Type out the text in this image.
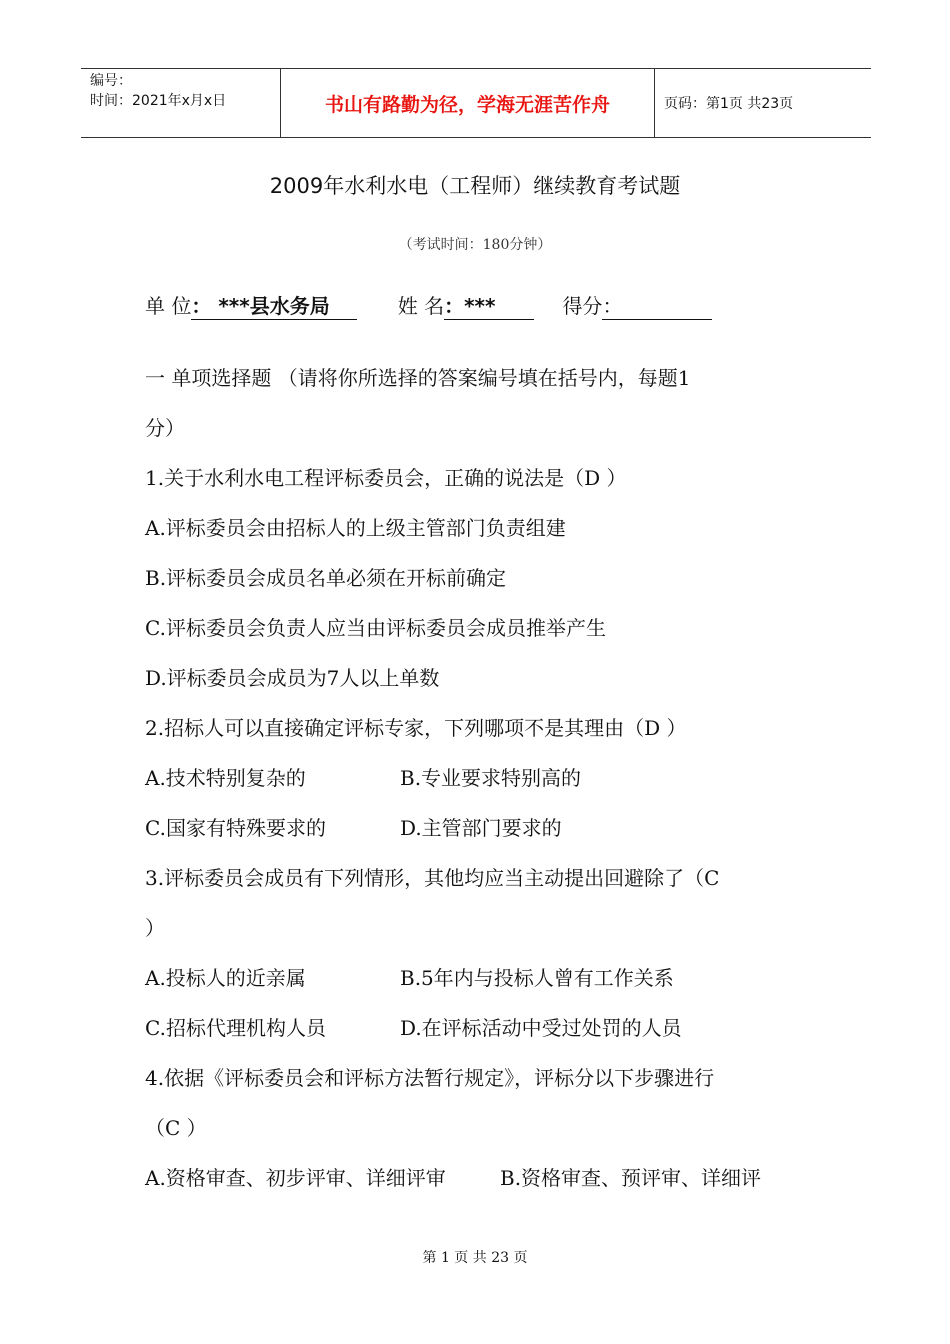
编号：
时间：2021年x月x日	书山有路勤为径，学海无涯苦作舟	页码：第1页 共23页
2009年水利水电（工程师）继续教育考试题
（考试时间：180分钟）
单 位： ***县水务局	姓 名：***	得分：
一 单项选择题 （请将你所选择的答案编号填在括号内，每题1
分）
1.关于水利水电工程评标委员会，正确的说法是（D ）
A.评标委员会由招标人的上级主管部门负责组建
B.评标委员会成员名单必须在开标前确定
C.评标委员会负责人应当由评标委员会成员推举产生
D.评标委员会成员为7人以上单数
2.招标人可以直接确定评标专家，下列哪项不是其理由（D ）
A.技术特别复杂的	B.专业要求特别高的
C.国家有特殊要求的	D.主管部门要求的
3.评标委员会成员有下列情形，其他均应当主动提出回避除了（C
）
A.投标人的近亲属	B.5年内与投标人曾有工作关系
C.招标代理机构人员	D.在评标活动中受过处罚的人员
4.依据《评标委员会和评标方法暂行规定》，评标分以下步骤进行
（C ）
A.资格审查、初步评审、详细评审	B.资格审查、预评审、详细评
第 1 页 共 23 页
